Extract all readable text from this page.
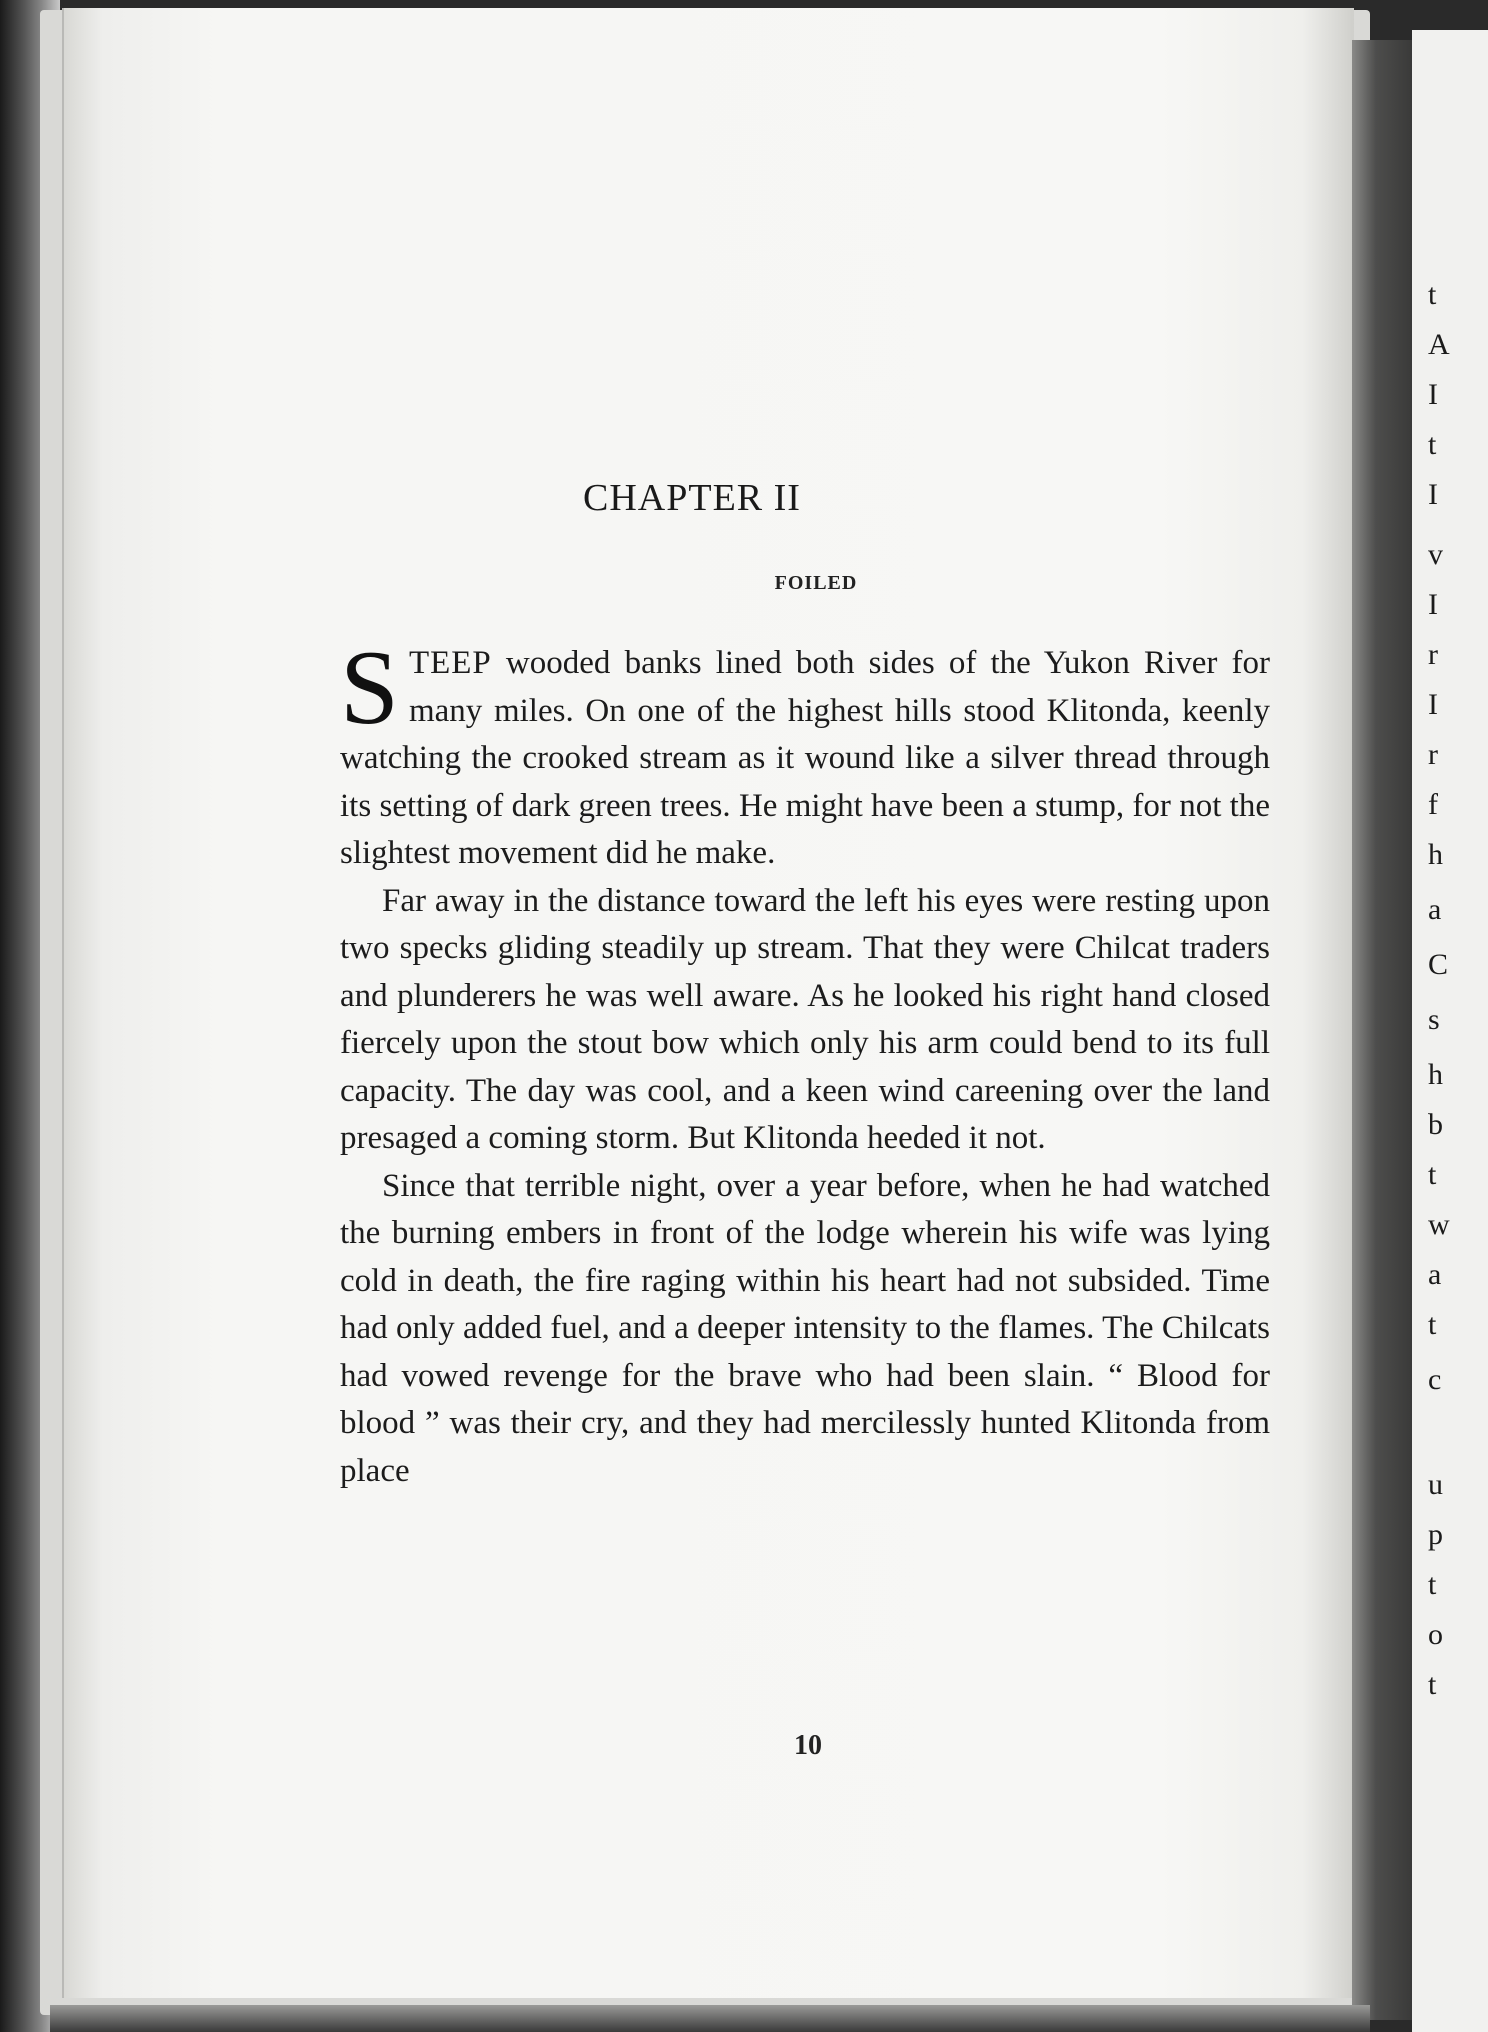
t
A
I
t
I
v
I
r
I
r
f
h
a
C
s
h
b
t
w
a
t
c
u
p
t
o
t
CHAPTER II
FOILED

STEEP wooded banks lined both sides of the Yukon River for many miles. On one of the highest hills stood Klitonda, keenly watching the crooked stream as it wound like a silver thread through its setting of dark green trees. He might have been a stump, for not the slightest movement did he make.

Far away in the distance toward the left his eyes were resting upon two specks gliding steadily up stream. That they were Chilcat traders and plunderers he was well aware. As he looked his right hand closed fiercely upon the stout bow which only his arm could bend to its full capacity. The day was cool, and a keen wind careening over the land presaged a coming storm. But Klitonda heeded it not.

Since that terrible night, over a year before, when he had watched the burning embers in front of the lodge wherein his wife was lying cold in death, the fire raging within his heart had not subsided. Time had only added fuel, and a deeper intensity to the flames. The Chilcats had vowed revenge for the brave who had been slain. “ Blood for blood ” was their cry, and they had mercilessly hunted Klitonda from place

10
